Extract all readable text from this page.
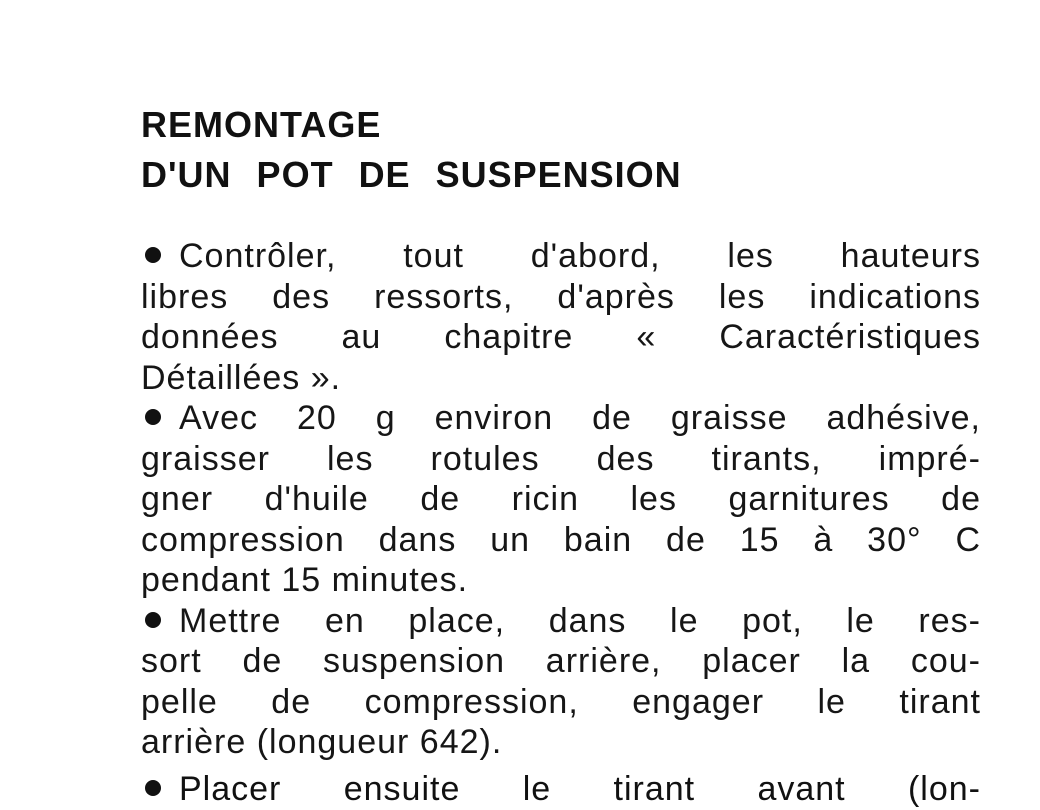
REMONTAGE
D'UN POT DE SUSPENSION
Contrôler, tout d'abord, les hauteurs
libres des ressorts, d'après les indications
données au chapitre « Caractéristiques
Détaillées ».
Avec 20 g environ de graisse adhésive,
graisser les rotules des tirants, impré-
gner d'huile de ricin les garnitures de
compression dans un bain de 15 à 30° C
pendant 15 minutes.
Mettre en place, dans le pot, le res-
sort de suspension arrière, placer la cou-
pelle de compression, engager le tirant
arrière (longueur 642).
Placer ensuite le tirant avant (lon-
